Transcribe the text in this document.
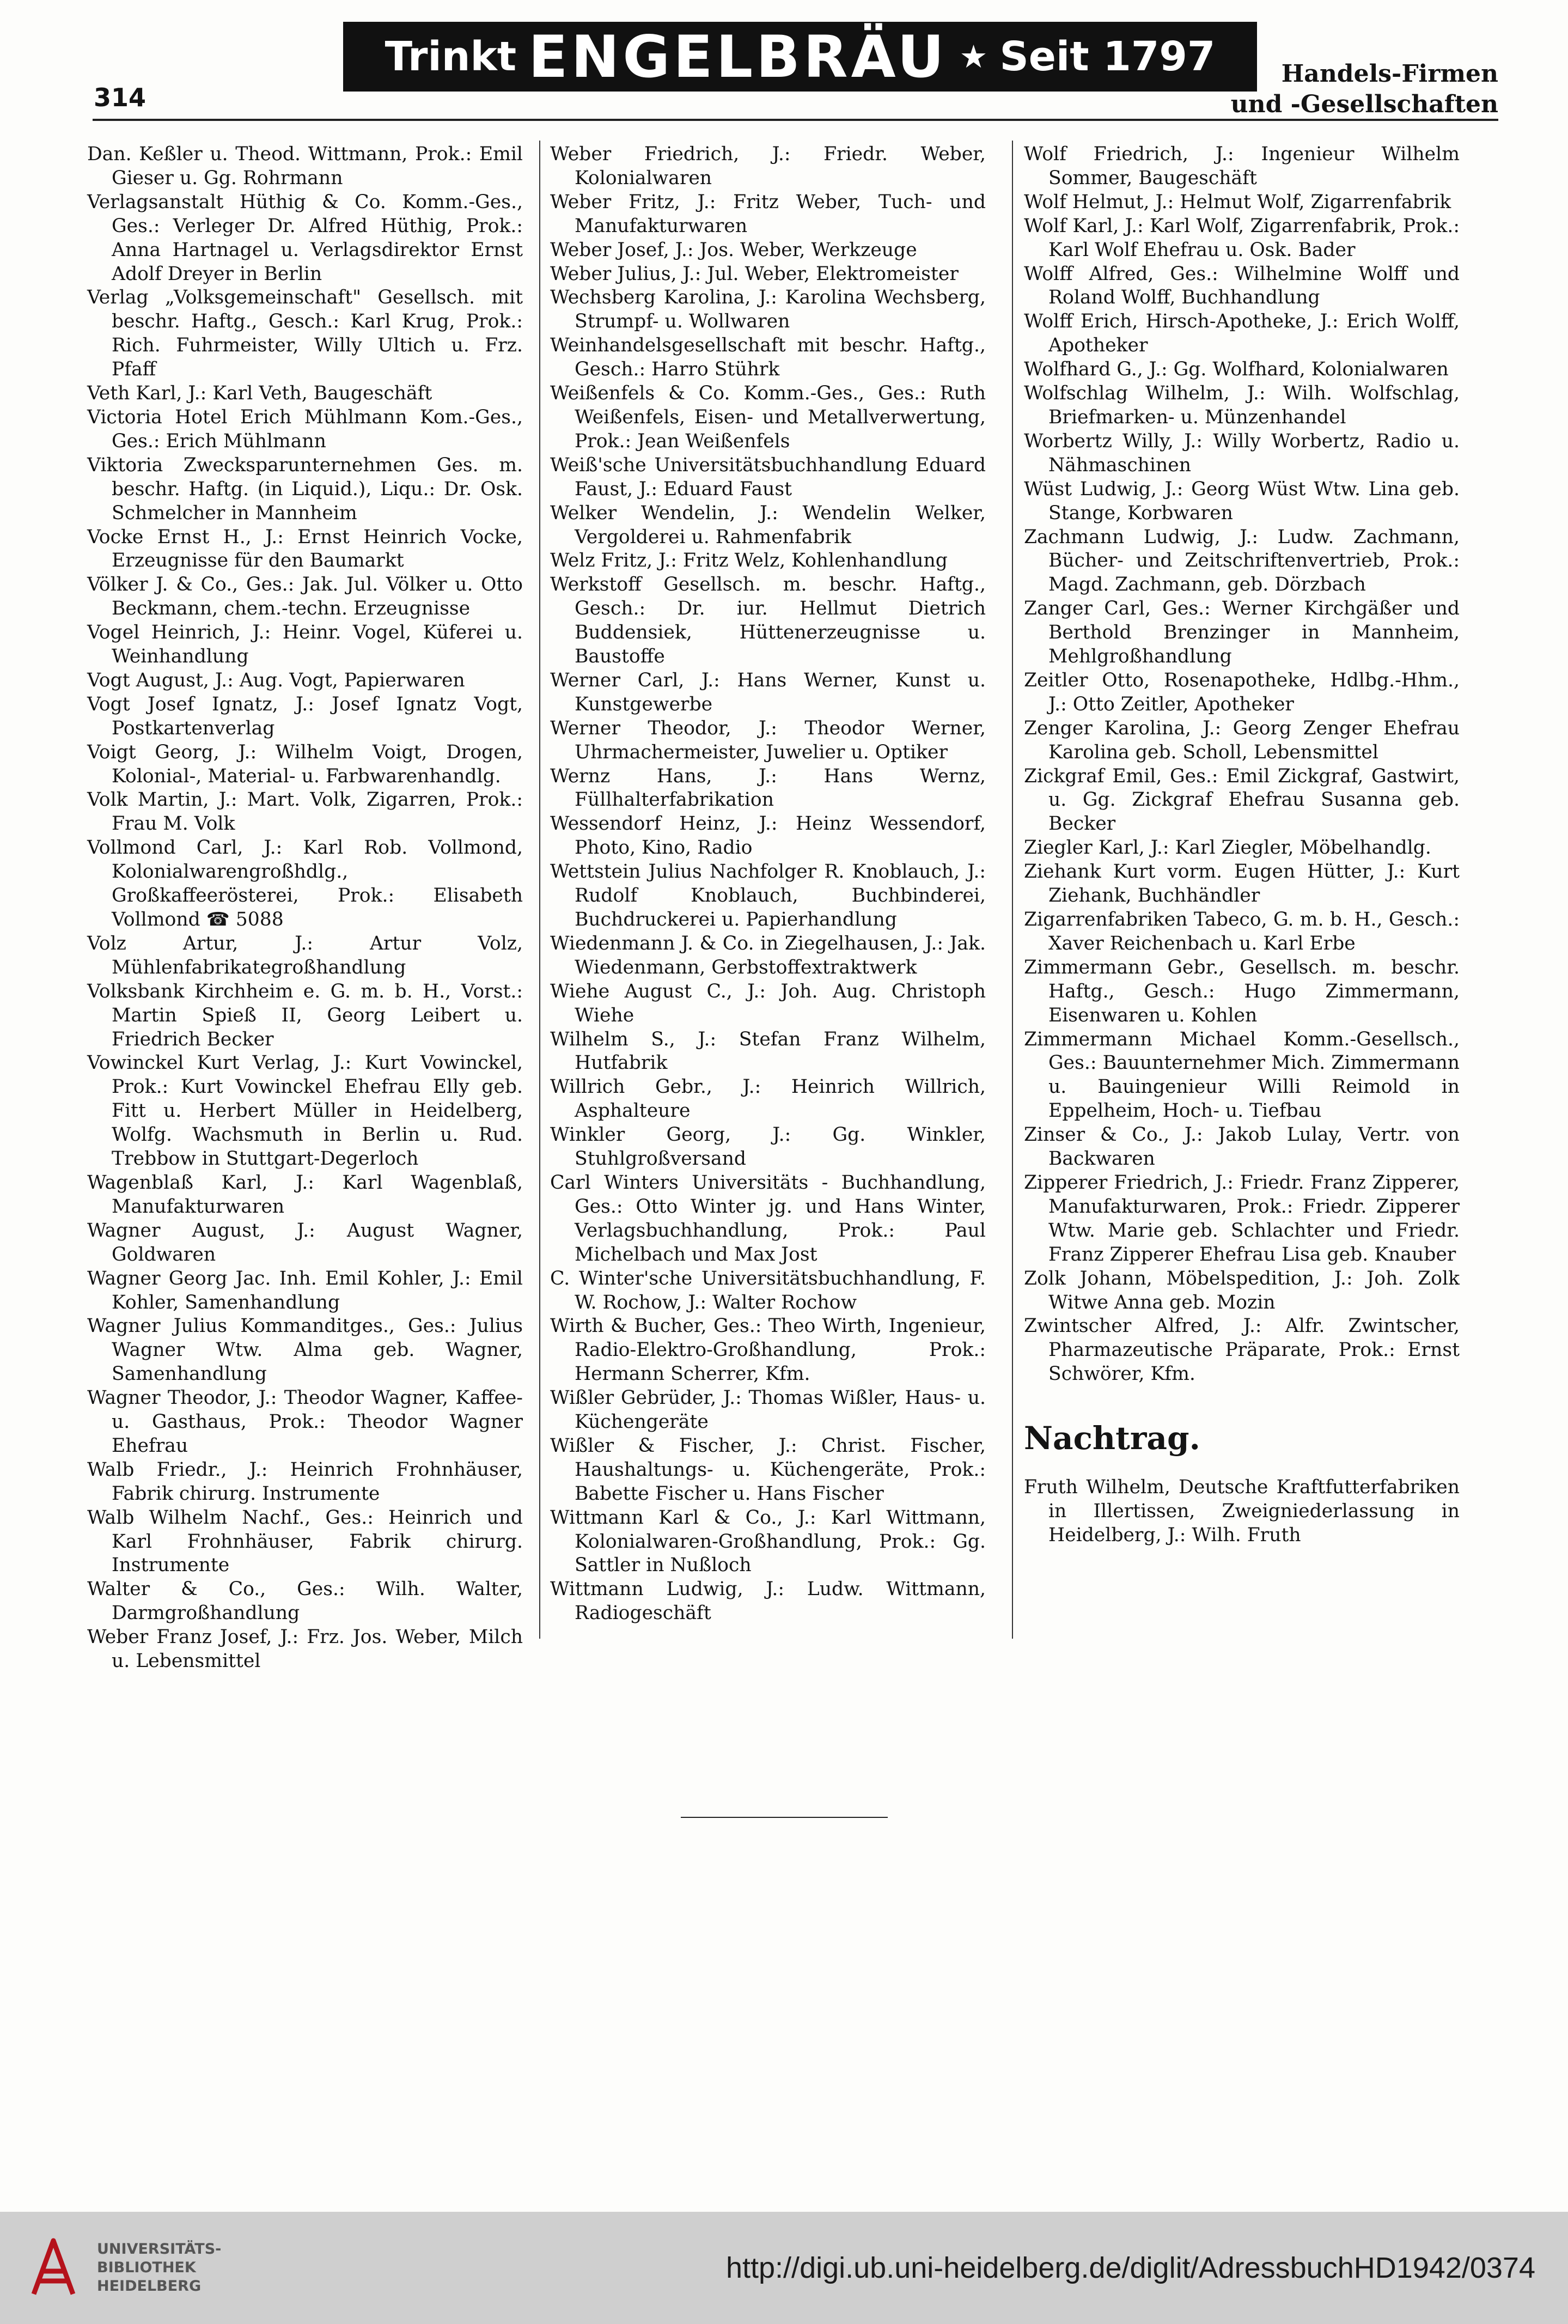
Trinkt ENGELBRÄU ★ Seit 1797
314
Handels-Firmen
und -Gesellschaften

Dan. Keßler u. Theod. Wittmann, Prok.: Emil Gieser u. Gg. Rohrmann

Verlagsanstalt Hüthig & Co. Komm.-Ges., Ges.: Verleger Dr. Alfred Hüthig, Prok.: Anna Hartnagel u. Verlagsdirektor Ernst Adolf Dreyer in Berlin

Verlag „Volksgemeinschaft" Gesellsch. mit beschr. Haftg., Gesch.: Karl Krug, Prok.: Rich. Fuhrmeister, Willy Ultich u. Frz. Pfaff

Veth Karl, J.: Karl Veth, Baugeschäft

Victoria Hotel Erich Mühlmann Kom.-Ges., Ges.: Erich Mühlmann

Viktoria Zwecksparunternehmen Ges. m. beschr. Haftg. (in Liquid.), Liqu.: Dr. Osk. Schmelcher in Mannheim

Vocke Ernst H., J.: Ernst Heinrich Vocke, Erzeugnisse für den Baumarkt

Völker J. & Co., Ges.: Jak. Jul. Völker u. Otto Beckmann, chem.-techn. Erzeugnisse

Vogel Heinrich, J.: Heinr. Vogel, Küferei u. Weinhandlung

Vogt August, J.: Aug. Vogt, Papierwaren

Vogt Josef Ignatz, J.: Josef Ignatz Vogt, Postkartenverlag

Voigt Georg, J.: Wilhelm Voigt, Drogen, Kolonial-, Material- u. Farbwarenhandlg.

Volk Martin, J.: Mart. Volk, Zigarren, Prok.: Frau M. Volk

Vollmond Carl, J.: Karl Rob. Vollmond, Kolonialwarengroßhdlg., Großkaffeerösterei, Prok.: Elisabeth Vollmond ☎ 5088

Volz Artur, J.: Artur Volz, Mühlenfabrikategroßhandlung

Volksbank Kirchheim e. G. m. b. H., Vorst.: Martin Spieß II, Georg Leibert u. Friedrich Becker

Vowinckel Kurt Verlag, J.: Kurt Vowinckel, Prok.: Kurt Vowinckel Ehefrau Elly geb. Fitt u. Herbert Müller in Heidelberg, Wolfg. Wachsmuth in Berlin u. Rud. Trebbow in Stuttgart-Degerloch

Wagenblaß Karl, J.: Karl Wagenblaß, Manufakturwaren

Wagner August, J.: August Wagner, Goldwaren

Wagner Georg Jac. Inh. Emil Kohler, J.: Emil Kohler, Samenhandlung

Wagner Julius Kommanditges., Ges.: Julius Wagner Wtw. Alma geb. Wagner, Samenhandlung

Wagner Theodor, J.: Theodor Wagner, Kaffee- u. Gasthaus, Prok.: Theodor Wagner Ehefrau

Walb Friedr., J.: Heinrich Frohnhäuser, Fabrik chirurg. Instrumente

Walb Wilhelm Nachf., Ges.: Heinrich und Karl Frohnhäuser, Fabrik chirurg. Instrumente

Walter & Co., Ges.: Wilh. Walter, Darmgroßhandlung

Weber Franz Josef, J.: Frz. Jos. Weber, Milch u. Lebensmittel

Weber Friedrich, J.: Friedr. Weber, Kolonialwaren

Weber Fritz, J.: Fritz Weber, Tuch- und Manufakturwaren

Weber Josef, J.: Jos. Weber, Werkzeuge

Weber Julius, J.: Jul. Weber, Elektromeister

Wechsberg Karolina, J.: Karolina Wechsberg, Strumpf- u. Wollwaren

Weinhandelsgesellschaft mit beschr. Haftg., Gesch.: Harro Stührk

Weißenfels & Co. Komm.-Ges., Ges.: Ruth Weißenfels, Eisen- und Metallverwertung, Prok.: Jean Weißenfels

Weiß'sche Universitätsbuchhandlung Eduard Faust, J.: Eduard Faust

Welker Wendelin, J.: Wendelin Welker, Vergolderei u. Rahmenfabrik

Welz Fritz, J.: Fritz Welz, Kohlenhandlung

Werkstoff Gesellsch. m. beschr. Haftg., Gesch.: Dr. iur. Hellmut Dietrich Buddensiek, Hüttenerzeugnisse u. Baustoffe

Werner Carl, J.: Hans Werner, Kunst u. Kunstgewerbe

Werner Theodor, J.: Theodor Werner, Uhrmachermeister, Juwelier u. Optiker

Wernz Hans, J.: Hans Wernz, Füllhalterfabrikation

Wessendorf Heinz, J.: Heinz Wessendorf, Photo, Kino, Radio

Wettstein Julius Nachfolger R. Knoblauch, J.: Rudolf Knoblauch, Buchbinderei, Buchdruckerei u. Papierhandlung

Wiedenmann J. & Co. in Ziegelhausen, J.: Jak. Wiedenmann, Gerbstoffextraktwerk

Wiehe August C., J.: Joh. Aug. Christoph Wiehe

Wilhelm S., J.: Stefan Franz Wilhelm, Hutfabrik

Willrich Gebr., J.: Heinrich Willrich, Asphalteure

Winkler Georg, J.: Gg. Winkler, Stuhlgroßversand

Carl Winters Universitäts - Buchhandlung, Ges.: Otto Winter jg. und Hans Winter, Verlagsbuchhandlung, Prok.: Paul Michelbach und Max Jost

C. Winter'sche Universitätsbuchhandlung, F. W. Rochow, J.: Walter Rochow

Wirth & Bucher, Ges.: Theo Wirth, Ingenieur, Radio-Elektro-Großhandlung, Prok.: Hermann Scherrer, Kfm.

Wißler Gebrüder, J.: Thomas Wißler, Haus- u. Küchengeräte

Wißler & Fischer, J.: Christ. Fischer, Haushaltungs- u. Küchengeräte, Prok.: Babette Fischer u. Hans Fischer

Wittmann Karl & Co., J.: Karl Wittmann, Kolonialwaren-Großhandlung, Prok.: Gg. Sattler in Nußloch

Wittmann Ludwig, J.: Ludw. Wittmann, Radiogeschäft

Wolf Friedrich, J.: Ingenieur Wilhelm Sommer, Baugeschäft

Wolf Helmut, J.: Helmut Wolf, Zigarrenfabrik

Wolf Karl, J.: Karl Wolf, Zigarrenfabrik, Prok.: Karl Wolf Ehefrau u. Osk. Bader

Wolff Alfred, Ges.: Wilhelmine Wolff und Roland Wolff, Buchhandlung

Wolff Erich, Hirsch-Apotheke, J.: Erich Wolff, Apotheker

Wolfhard G., J.: Gg. Wolfhard, Kolonialwaren

Wolfschlag Wilhelm, J.: Wilh. Wolfschlag, Briefmarken- u. Münzenhandel

Worbertz Willy, J.: Willy Worbertz, Radio u. Nähmaschinen

Wüst Ludwig, J.: Georg Wüst Wtw. Lina geb. Stange, Korbwaren

Zachmann Ludwig, J.: Ludw. Zachmann, Bücher- und Zeitschriftenvertrieb, Prok.: Magd. Zachmann, geb. Dörzbach

Zanger Carl, Ges.: Werner Kirchgäßer und Berthold Brenzinger in Mannheim, Mehlgroßhandlung

Zeitler Otto, Rosenapotheke, Hdlbg.-Hhm., J.: Otto Zeitler, Apotheker

Zenger Karolina, J.: Georg Zenger Ehefrau Karolina geb. Scholl, Lebensmittel

Zickgraf Emil, Ges.: Emil Zickgraf, Gastwirt, u. Gg. Zickgraf Ehefrau Susanna geb. Becker

Ziegler Karl, J.: Karl Ziegler, Möbelhandlg.

Ziehank Kurt vorm. Eugen Hütter, J.: Kurt Ziehank, Buchhändler

Zigarrenfabriken Tabeco, G. m. b. H., Gesch.: Xaver Reichenbach u. Karl Erbe

Zimmermann Gebr., Gesellsch. m. beschr. Haftg., Gesch.: Hugo Zimmermann, Eisenwaren u. Kohlen

Zimmermann Michael Komm.-Gesellsch., Ges.: Bauunternehmer Mich. Zimmermann u. Bauingenieur Willi Reimold in Eppelheim, Hoch- u. Tiefbau

Zinser & Co., J.: Jakob Lulay, Vertr. von Backwaren

Zipperer Friedrich, J.: Friedr. Franz Zipperer, Manufakturwaren, Prok.: Friedr. Zipperer Wtw. Marie geb. Schlachter und Friedr. Franz Zipperer Ehefrau Lisa geb. Knauber

Zolk Johann, Möbelspedition, J.: Joh. Zolk Witwe Anna geb. Mozin

Zwintscher Alfred, J.: Alfr. Zwintscher, Pharmazeutische Präparate, Prok.: Ernst Schwörer, Kfm.

Nachtrag.

Fruth Wilhelm, Deutsche Kraftfutterfabriken in Illertissen, Zweigniederlassung in Heidelberg, J.: Wilh. Fruth

UNIVERSITÄTS-
BIBLIOTHEK
HEIDELBERG
http://digi.ub.uni-heidelberg.de/diglit/AdressbuchHD1942/0374
